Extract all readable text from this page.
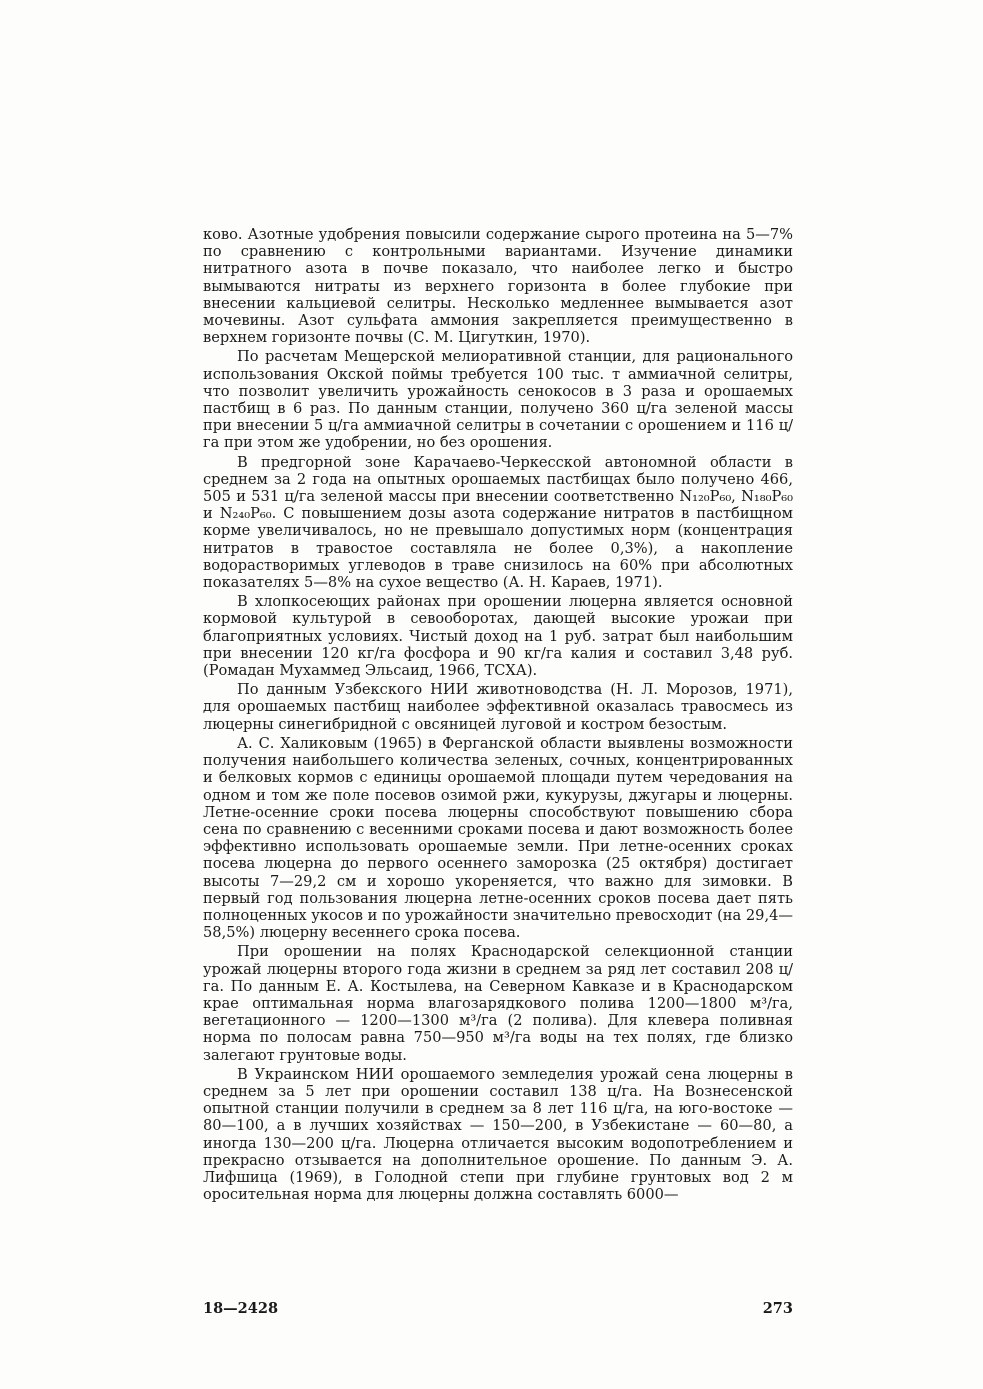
ково. Азотные удобрения повысили содержание сырого протеина на 5—7% по сравнению с контрольными вариантами. Изучение динамики нитратного азота в почве показало, что наиболее легко и быстро вымываются нитраты из верхнего горизонта в более глубокие при внесении кальциевой селитры. Несколько медленнее вымывается азот мочевины. Азот сульфата аммония закрепляется преимущественно в верхнем горизонте почвы (С. М. Цигуткин, 1970).

По расчетам Мещерской мелиоративной станции, для рационального использования Окской поймы требуется 100 тыс. т аммиачной селитры, что позволит увеличить урожайность сенокосов в 3 раза и орошаемых пастбищ в 6 раз. По данным станции, получено 360 ц/га зеленой массы при внесении 5 ц/га аммиачной селитры в сочетании с орошением и 116 ц/га при этом же удобрении, но без орошения.

В предгорной зоне Карачаево-Черкесской автономной области в среднем за 2 года на опытных орошаемых пастбищах было получено 466, 505 и 531 ц/га зеленой массы при внесении соответственно N₁₂₀P₆₀, N₁₈₀P₆₀ и N₂₄₀P₆₀. С повышением дозы азота содержание нитратов в пастбищном корме увеличивалось, но не превышало допустимых норм (концентрация нитратов в травостое составляла не более 0,3%), а накопление водорастворимых углеводов в траве снизилось на 60% при абсолютных показателях 5—8% на сухое вещество (А. Н. Караев, 1971).

В хлопкосеющих районах при орошении люцерна является основной кормовой культурой в севооборотах, дающей высокие урожаи при благоприятных условиях. Чистый доход на 1 руб. затрат был наибольшим при внесении 120 кг/га фосфора и 90 кг/га калия и составил 3,48 руб. (Ромадан Мухаммед Эльсаид, 1966, ТСХА).

По данным Узбекского НИИ животноводства (Н. Л. Морозов, 1971), для орошаемых пастбищ наиболее эффективной оказалась травосмесь из люцерны синегибридной с овсяницей луговой и костром безостым.

А. С. Халиковым (1965) в Ферганской области выявлены возможности получения наибольшего количества зеленых, сочных, концентрированных и белковых кормов с единицы орошаемой площади путем чередования на одном и том же поле посевов озимой ржи, кукурузы, джугары и люцерны. Летне-осенние сроки посева люцерны способствуют повышению сбора сена по сравнению с весенними сроками посева и дают возможность более эффективно использовать орошаемые земли. При летне-осенних сроках посева люцерна до первого осеннего заморозка (25 октября) достигает высоты 7—29,2 см и хорошо укореняется, что важно для зимовки. В первый год пользования люцерна летне-осенних сроков посева дает пять полноценных укосов и по урожайности значительно превосходит (на 29,4—58,5%) люцерну весеннего срока посева.

При орошении на полях Краснодарской селекционной станции урожай люцерны второго года жизни в среднем за ряд лет составил 208 ц/га. По данным Е. А. Костылева, на Северном Кавказе и в Краснодарском крае оптимальная норма влагозарядкового полива 1200—1800 м³/га, вегетационного — 1200—1300 м³/га (2 полива). Для клевера поливная норма по полосам равна 750—950 м³/га воды на тех полях, где близко залегают грунтовые воды.

В Украинском НИИ орошаемого земледелия урожай сена люцерны в среднем за 5 лет при орошении составил 138 ц/га. На Вознесенской опытной станции получили в среднем за 8 лет 116 ц/га, на юго-востоке — 80—100, а в лучших хозяйствах — 150—200, в Узбекистане — 60—80, а иногда 130—200 ц/га. Люцерна отличается высоким водопотреблением и прекрасно отзывается на дополнительное орошение. По данным Э. А. Лифшица (1969), в Голодной степи при глубине грунтовых вод 2 м оросительная норма для люцерны должна составлять 6000—

18—2428	273
